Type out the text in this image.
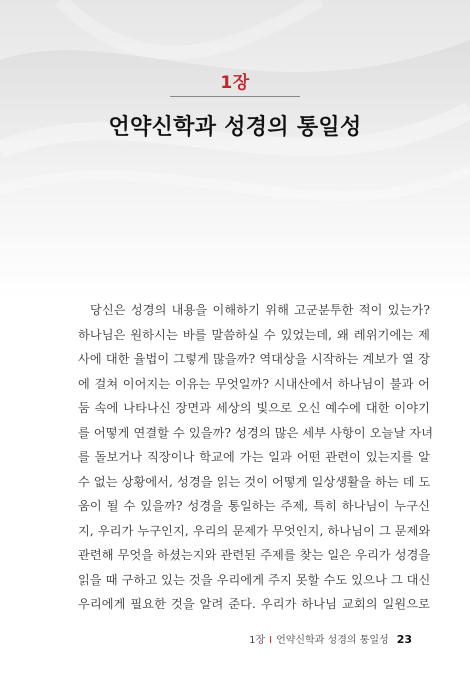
1장
언약신학과 성경의 통일성
당신은 성경의 내용을 이해하기 위해 고군분투한 적이 있는가?
하나님은 원하시는 바를 말씀하실 수 있었는데, 왜 레위기에는 제
사에 대한 율법이 그렇게 많을까? 역대상을 시작하는 계보가 열 장
에 걸쳐 이어지는 이유는 무엇일까? 시내산에서 하나님이 불과 어
둠 속에 나타나신 장면과 세상의 빛으로 오신 예수에 대한 이야기
를 어떻게 연결할 수 있을까? 성경의 많은 세부 사항이 오늘날 자녀
를 돌보거나 직장이나 학교에 가는 일과 어떤 관련이 있는지를 알
수 없는 상황에서, 성경을 읽는 것이 어떻게 일상생활을 하는 데 도
움이 될 수 있을까? 성경을 통일하는 주제, 특히 하나님이 누구신
지, 우리가 누구인지, 우리의 문제가 무엇인지, 하나님이 그 문제와
관련해 무엇을 하셨는지와 관련된 주제를 찾는 일은 우리가 성경을
읽을 때 구하고 있는 것을 우리에게 주지 못할 수도 있으나 그 대신
우리에게 필요한 것을 알려 준다. 우리가 하나님 교회의 일원으로
1장 I 언약신학과 성경의 통일성 23
